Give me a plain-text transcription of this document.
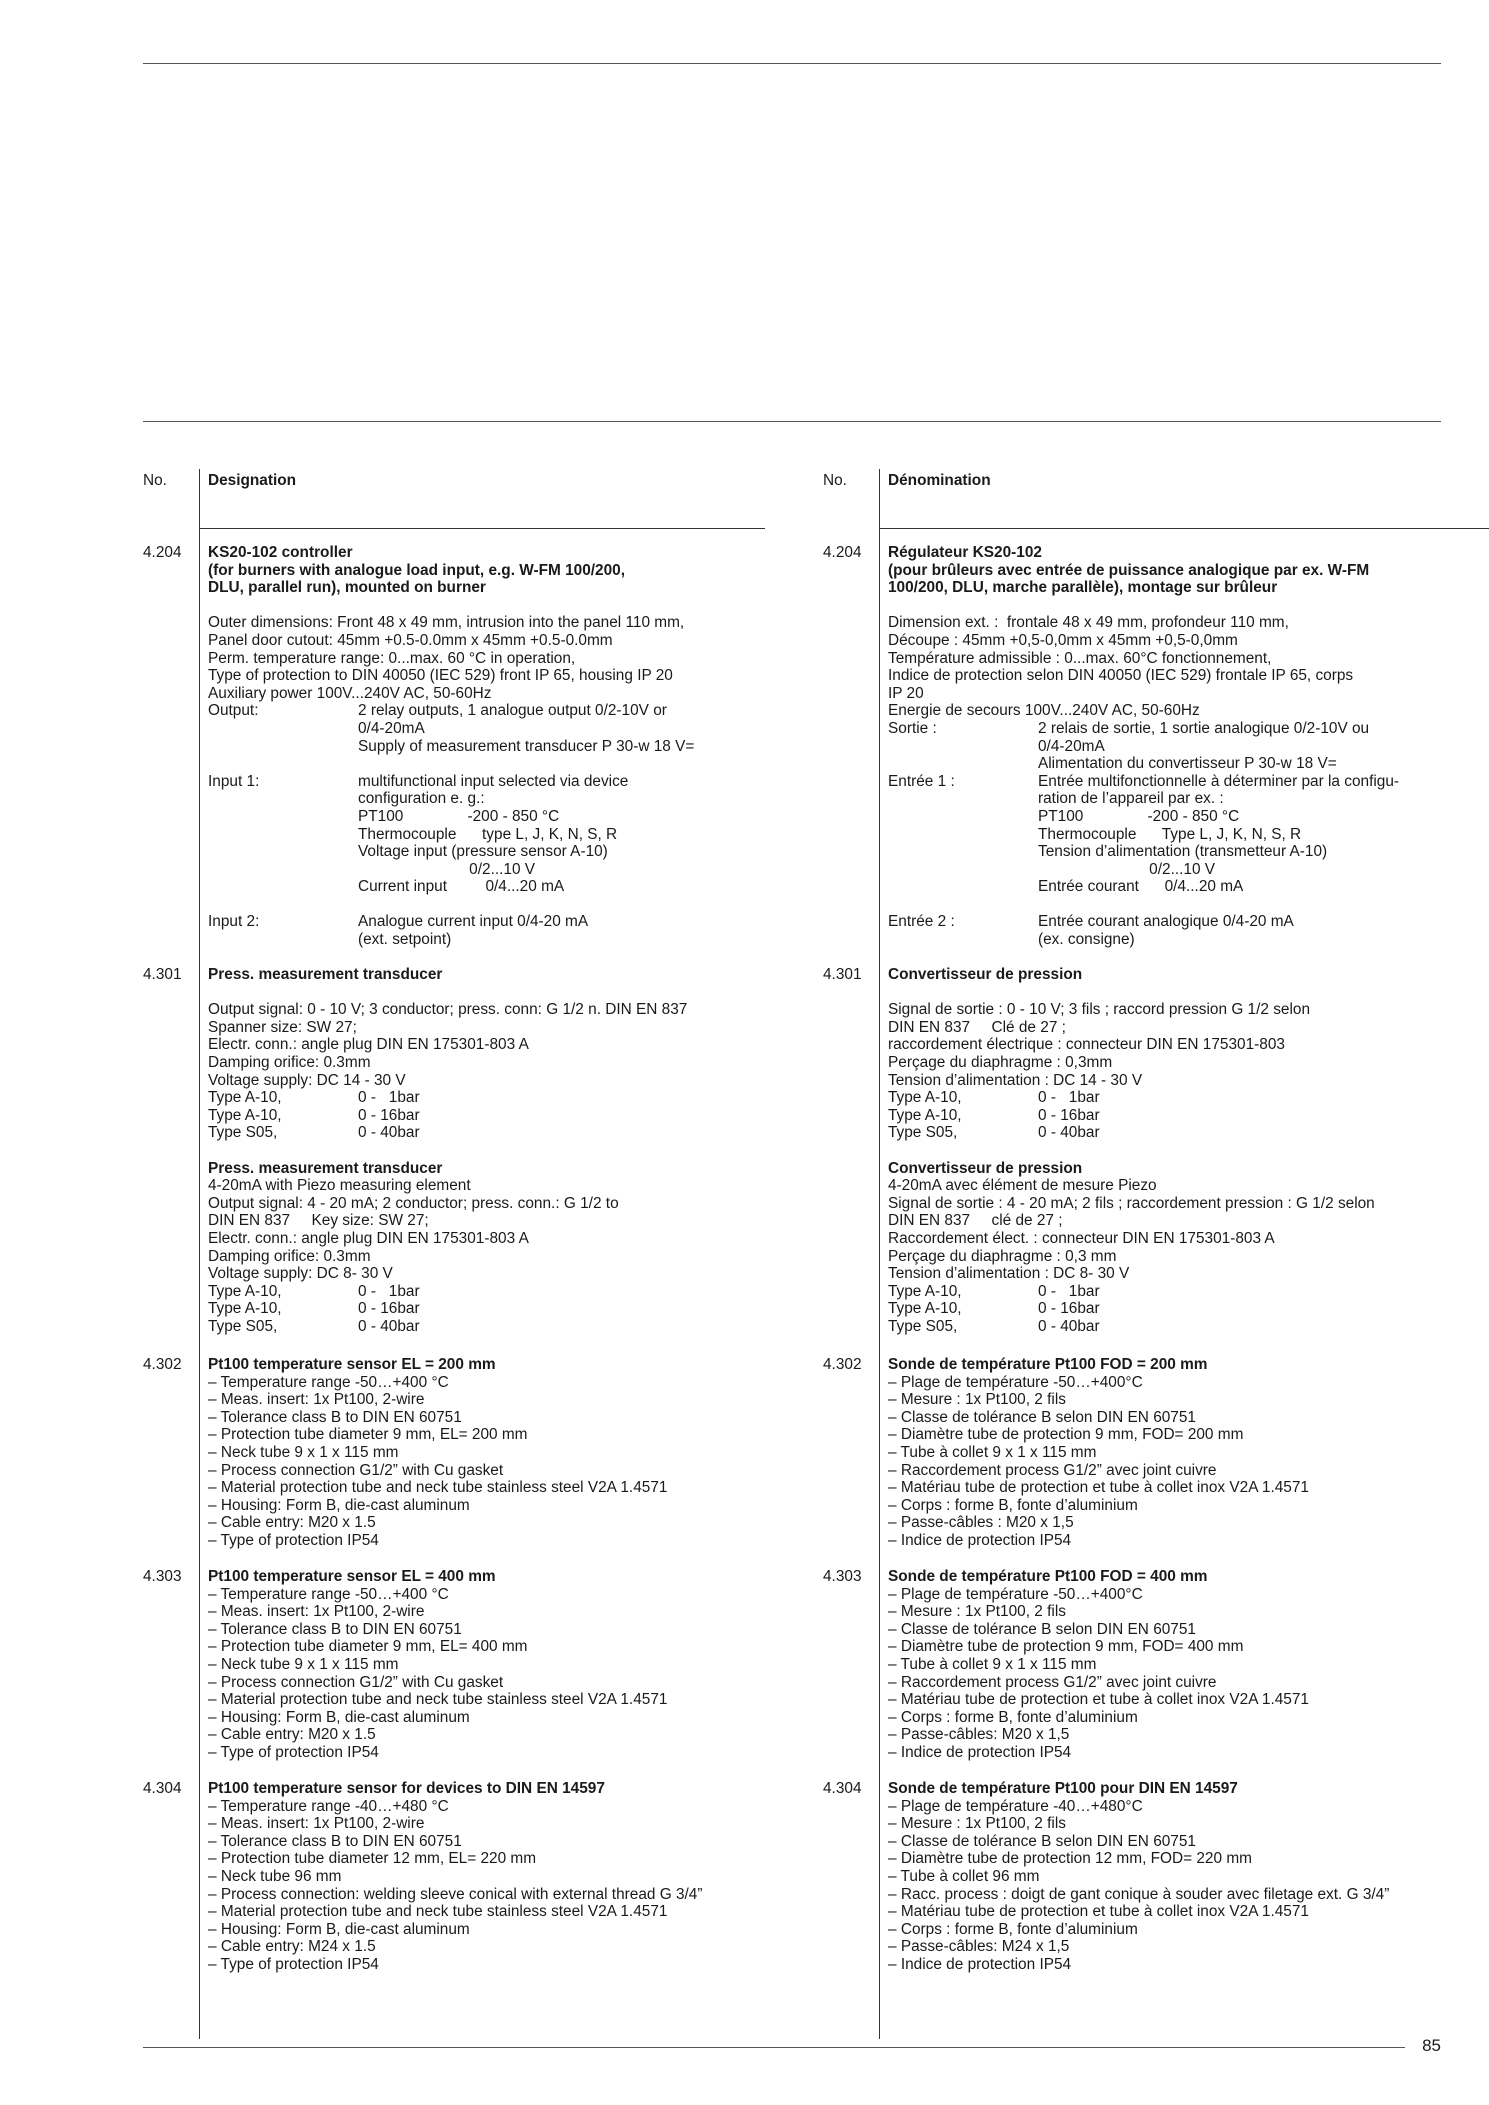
No.	Designation
4.204 KS20-102 controller
(for burners with analogue load input, e.g. W-FM 100/200,
DLU, parallel run), mounted on burner
Outer dimensions: Front 48 x 49 mm, intrusion into the panel 110 mm,
Panel door cutout: 45mm +0.5-0.0mm x 45mm +0.5-0.0mm
Perm. temperature range: 0...max. 60 °C in operation,
Type of protection to DIN 40050 (IEC 529) front IP 65, housing IP 20
Auxiliary power 100V...240V AC, 50-60Hz
Output:	2 relay outputs, 1 analogue output 0/2-10V or
0/4-20mA
Supply of measurement transducer P 30-w 18 V=
Input 1:	multifunctional input selected via device
configuration e. g.:
PT100               -200 - 850 °C
Thermocouple      type L, J, K, N, S, R
Voltage input (pressure sensor A-10)
0/2...10 V
Current input         0/4...20 mA
Input 2:	Analogue current input 0/4-20 mA
(ext. setpoint)
4.301 Press. measurement transducer
Output signal: 0 - 10 V; 3 conductor; press. conn: G 1/2 n. DIN EN 837
Spanner size: SW 27;
Electr. conn.: angle plug DIN EN 175301-803 A
Damping orifice: 0.3mm
Voltage supply: DC 14 - 30 V
Type A-10,	0 -   1bar
Type A-10,	0 - 16bar
Type S05,	0 - 40bar
Press. measurement transducer
4-20mA with Piezo measuring element
Output signal: 4 - 20 mA; 2 conductor; press. conn.: G 1/2 to
DIN EN 837     Key size: SW 27;
Electr. conn.: angle plug DIN EN 175301-803 A
Damping orifice: 0.3mm
Voltage supply: DC 8- 30 V
Type A-10,	0 -   1bar
Type A-10,	0 - 16bar
Type S05,	0 - 40bar
4.302 Pt100 temperature sensor EL = 200 mm
– Temperature range -50…+400 °C
– Meas. insert: 1x Pt100, 2-wire
– Tolerance class B to DIN EN 60751
– Protection tube diameter 9 mm, EL= 200 mm
– Neck tube 9 x 1 x 115 mm
– Process connection G1/2” with Cu gasket
– Material protection tube and neck tube stainless steel V2A 1.4571
– Housing: Form B, die-cast aluminum
– Cable entry: M20 x 1.5
– Type of protection IP54
4.303 Pt100 temperature sensor EL = 400 mm
– Temperature range -50…+400 °C
– Meas. insert: 1x Pt100, 2-wire
– Tolerance class B to DIN EN 60751
– Protection tube diameter 9 mm, EL= 400 mm
– Neck tube 9 x 1 x 115 mm
– Process connection G1/2” with Cu gasket
– Material protection tube and neck tube stainless steel V2A 1.4571
– Housing: Form B, die-cast aluminum
– Cable entry: M20 x 1.5
– Type of protection IP54
4.304 Pt100 temperature sensor for devices to DIN EN 14597
– Temperature range -40…+480 °C
– Meas. insert: 1x Pt100, 2-wire
– Tolerance class B to DIN EN 60751
– Protection tube diameter 12 mm, EL= 220 mm
– Neck tube 96 mm
– Process connection: welding sleeve conical with external thread G 3/4”
– Material protection tube and neck tube stainless steel V2A 1.4571
– Housing: Form B, die-cast aluminum
– Cable entry: M24 x 1.5
– Type of protection IP54
No.	Dénomination
4.204 Régulateur KS20-102
(pour brûleurs avec entrée de puissance analogique par ex. W-FM
100/200, DLU, marche parallèle), montage sur brûleur
Dimension ext. :  frontale 48 x 49 mm, profondeur 110 mm,
Découpe : 45mm +0,5-0,0mm x 45mm +0,5-0,0mm
Température admissible : 0...max. 60°C fonctionnement,
Indice de protection selon DIN 40050 (IEC 529) frontale IP 65, corps
IP 20
Energie de secours 100V...240V AC, 50-60Hz
Sortie :	2 relais de sortie, 1 sortie analogique 0/2-10V ou
0/4-20mA
Alimentation du convertisseur P 30-w 18 V=
Entrée 1 :	Entrée multifonctionnelle à déterminer par la configu-
ration de l’appareil par ex. :
PT100               -200 - 850 °C
Thermocouple      Type L, J, K, N, S, R
Tension d’alimentation (transmetteur A-10)
0/2...10 V
Entrée courant      0/4...20 mA
Entrée 2 :	Entrée courant analogique 0/4-20 mA
(ex. consigne)
4.301 Convertisseur de pression
Signal de sortie : 0 - 10 V; 3 fils ; raccord pression G 1/2 selon
DIN EN 837     Clé de 27 ;
raccordement électrique : connecteur DIN EN 175301-803
Perçage du diaphragme : 0,3mm
Tension d’alimentation : DC 14 - 30 V
Type A-10,	0 -   1bar
Type A-10,	0 - 16bar
Type S05,	0 - 40bar
Convertisseur de pression
4-20mA avec élément de mesure Piezo
Signal de sortie : 4 - 20 mA; 2 fils ; raccordement pression : G 1/2 selon
DIN EN 837     clé de 27 ;
Raccordement élect. : connecteur DIN EN 175301-803 A
Perçage du diaphragme : 0,3 mm
Tension d’alimentation : DC 8- 30 V
Type A-10,	0 -   1bar
Type A-10,	0 - 16bar
Type S05,	0 - 40bar
4.302 Sonde de température Pt100 FOD = 200 mm
– Plage de température -50…+400°C
– Mesure : 1x Pt100, 2 fils
– Classe de tolérance B selon DIN EN 60751
– Diamètre tube de protection 9 mm, FOD= 200 mm
– Tube à collet 9 x 1 x 115 mm
– Raccordement process G1/2” avec joint cuivre
– Matériau tube de protection et tube à collet inox V2A 1.4571
– Corps : forme B, fonte d’aluminium
– Passe-câbles : M20 x 1,5
– Indice de protection IP54
4.303 Sonde de température Pt100 FOD = 400 mm
– Plage de température -50…+400°C
– Mesure : 1x Pt100, 2 fils
– Classe de tolérance B selon DIN EN 60751
– Diamètre tube de protection 9 mm, FOD= 400 mm
– Tube à collet 9 x 1 x 115 mm
– Raccordement process G1/2” avec joint cuivre
– Matériau tube de protection et tube à collet inox V2A 1.4571
– Corps : forme B, fonte d’aluminium
– Passe-câbles: M20 x 1,5
– Indice de protection IP54
4.304 Sonde de température Pt100 pour DIN EN 14597
– Plage de température -40…+480°C
– Mesure : 1x Pt100, 2 fils
– Classe de tolérance B selon DIN EN 60751
– Diamètre tube de protection 12 mm, FOD= 220 mm
– Tube à collet 96 mm
– Racc. process : doigt de gant conique à souder avec filetage ext. G 3/4”
– Matériau tube de protection et tube à collet inox V2A 1.4571
– Corps : forme B, fonte d’aluminium
– Passe-câbles: M24 x 1,5
– Indice de protection IP54
85
